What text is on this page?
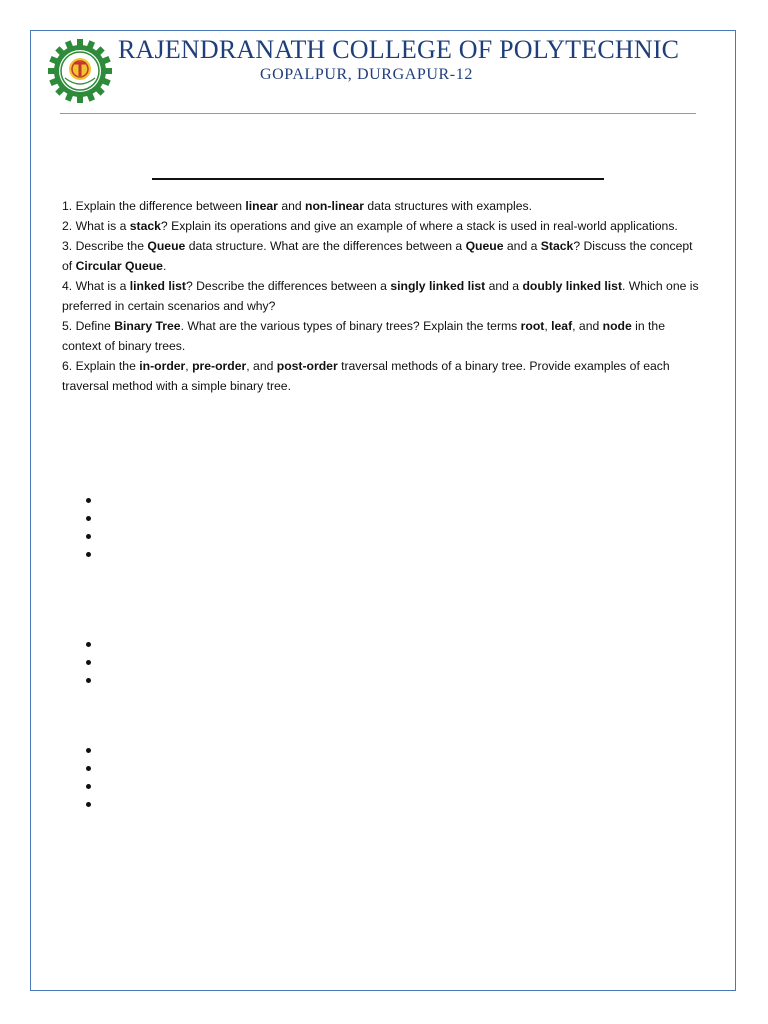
RAJENDRANATH COLLEGE OF POLYTECHNIC
GOPALPUR, DURGAPUR-12

1. Explain the difference between linear and non-linear data structures with examples.

2. What is a stack? Explain its operations and give an example of where a stack is used in real-world applications.

3. Describe the Queue data structure. What are the differences between a Queue and a Stack? Discuss the concept of Circular Queue.

4. What is a linked list? Describe the differences between a singly linked list and a doubly linked list. Which one is preferred in certain scenarios and why?

5. Define Binary Tree. What are the various types of binary trees? Explain the terms root, leaf, and node in the context of binary trees.

6. Explain the in-order, pre-order, and post-order traversal methods of a binary tree. Provide examples of each traversal method with a simple binary tree.
